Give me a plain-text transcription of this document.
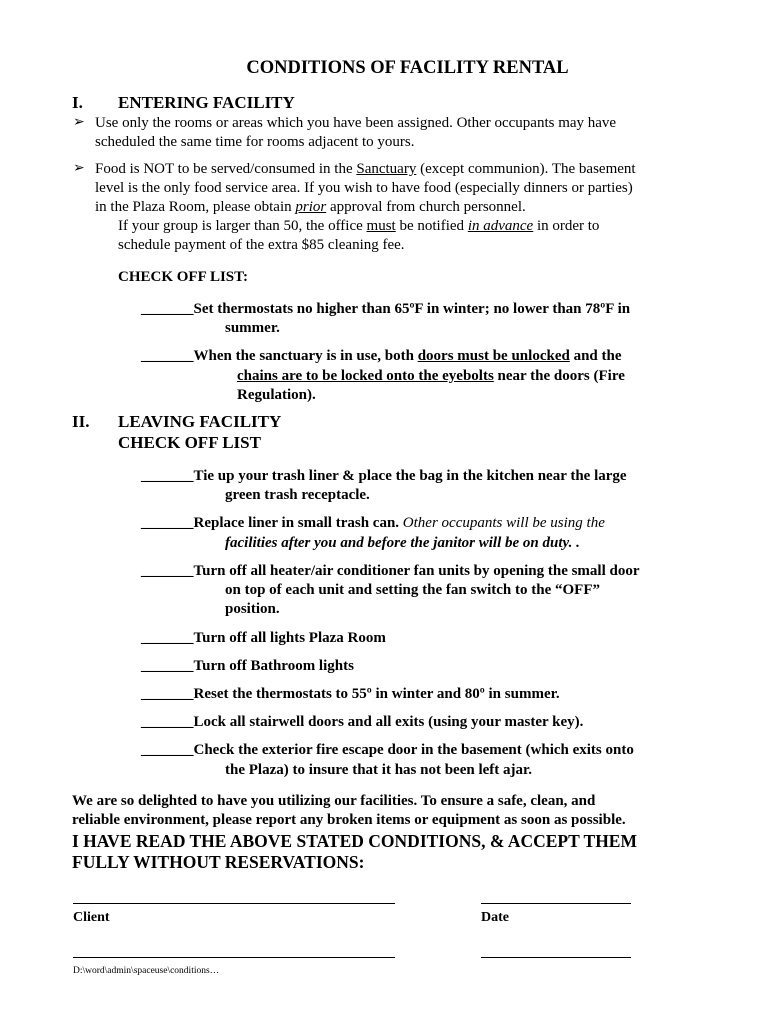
CONDITIONS OF FACILITY RENTAL
I. ENTERING FACILITY
➢ Use only the rooms or areas which you have been assigned. Other occupants may have
scheduled the same time for rooms adjacent to yours.
➢ Food is NOT to be served/consumed in the Sanctuary (except communion). The basement
level is the only food service area. If you wish to have food (especially dinners or parties)
in the Plaza Room, please obtain prior approval from church personnel.
If your group is larger than 50, the office must be notified in advance in order to
schedule payment of the extra $85 cleaning fee.
CHECK OFF LIST:
_______Set thermostats no higher than 65ºF in winter; no lower than 78ºF in
summer.
_______When the sanctuary is in use, both doors must be unlocked and the
chains are to be locked onto the eyebolts near the doors (Fire
Regulation).
II. LEAVING FACILITY
CHECK OFF LIST
_______Tie up your trash liner & place the bag in the kitchen near the large
green trash receptacle.
_______Replace liner in small trash can. Other occupants will be using the
facilities after you and before the janitor will be on duty. .
_______Turn off all heater/air conditioner fan units by opening the small door
on top of each unit and setting the fan switch to the “OFF”
position.
_______Turn off all lights Plaza Room
_______Turn off Bathroom lights
_______Reset the thermostats to 55º in winter and 80º in summer.
_______Lock all stairwell doors and all exits (using your master key).
_______Check the exterior fire escape door in the basement (which exits onto
the Plaza) to insure that it has not been left ajar.
We are so delighted to have you utilizing our facilities. To ensure a safe, clean, and
reliable environment, please report any broken items or equipment as soon as possible.
I HAVE READ THE ABOVE STATED CONDITIONS, & ACCEPT THEM
FULLY WITHOUT RESERVATIONS:
Client	Date
D:\word\admin\spaceuse\conditions…
